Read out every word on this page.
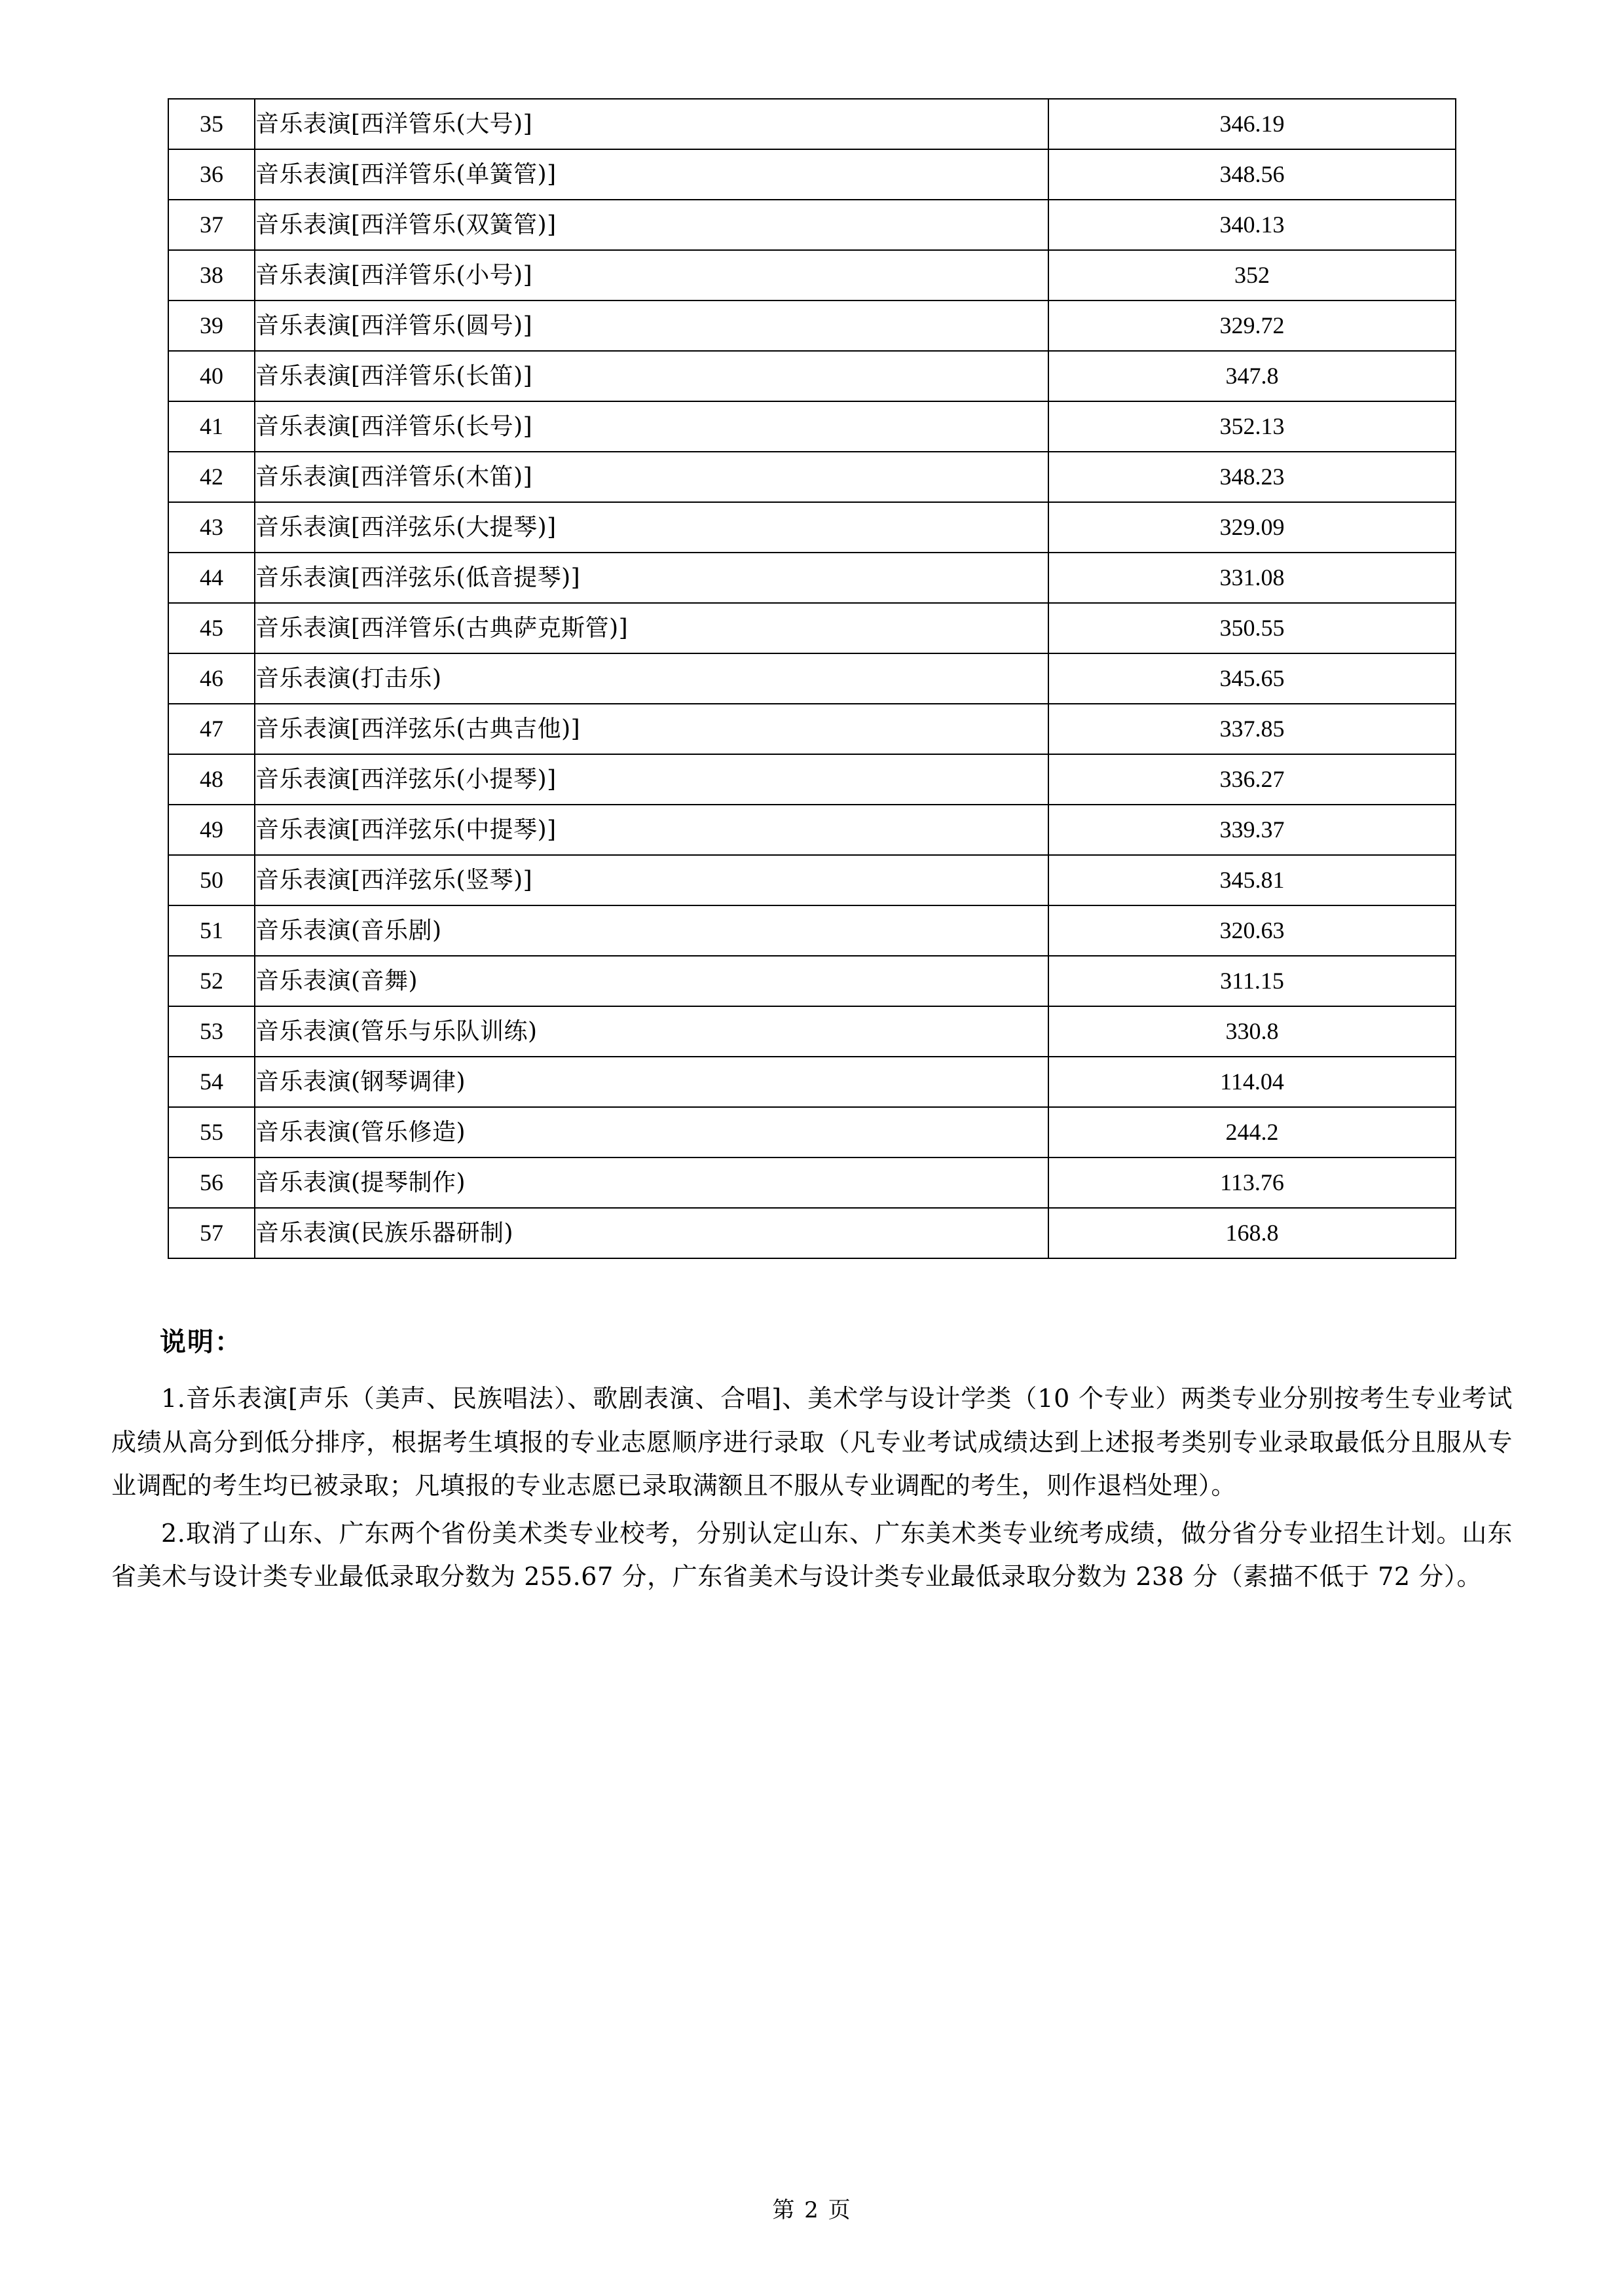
35	音乐表演[西洋管乐(大号)]	346.19
36	音乐表演[西洋管乐(单簧管)]	348.56
37	音乐表演[西洋管乐(双簧管)]	340.13
38	音乐表演[西洋管乐(小号)]	352
39	音乐表演[西洋管乐(圆号)]	329.72
40	音乐表演[西洋管乐(长笛)]	347.8
41	音乐表演[西洋管乐(长号)]	352.13
42	音乐表演[西洋管乐(木笛)]	348.23
43	音乐表演[西洋弦乐(大提琴)]	329.09
44	音乐表演[西洋弦乐(低音提琴)]	331.08
45	音乐表演[西洋管乐(古典萨克斯管)]	350.55
46	音乐表演(打击乐)	345.65
47	音乐表演[西洋弦乐(古典吉他)]	337.85
48	音乐表演[西洋弦乐(小提琴)]	336.27
49	音乐表演[西洋弦乐(中提琴)]	339.37
50	音乐表演[西洋弦乐(竖琴)]	345.81
51	音乐表演(音乐剧)	320.63
52	音乐表演(音舞)	311.15
53	音乐表演(管乐与乐队训练)	330.8
54	音乐表演(钢琴调律)	114.04
55	音乐表演(管乐修造)	244.2
56	音乐表演(提琴制作)	113.76
57	音乐表演(民族乐器研制)	168.8
说明：

1.音乐表演[声乐（美声、民族唱法）、歌剧表演、合唱]、美术学与设计学类（10 个专业）两类专业分别按考生专业考试成绩从高分到低分排序，根据考生填报的专业志愿顺序进行录取（凡专业考试成绩达到上述报考类别专业录取最低分且服从专业调配的考生均已被录取；凡填报的专业志愿已录取满额且不服从专业调配的考生，则作退档处理）。

2.取消了山东、广东两个省份美术类专业校考，分别认定山东、广东美术类专业统考成绩，做分省分专业招生计划。山东省美术与设计类专业最低录取分数为 255.67 分，广东省美术与设计类专业最低录取分数为 238 分（素描不低于 72 分）。

第 2 页
